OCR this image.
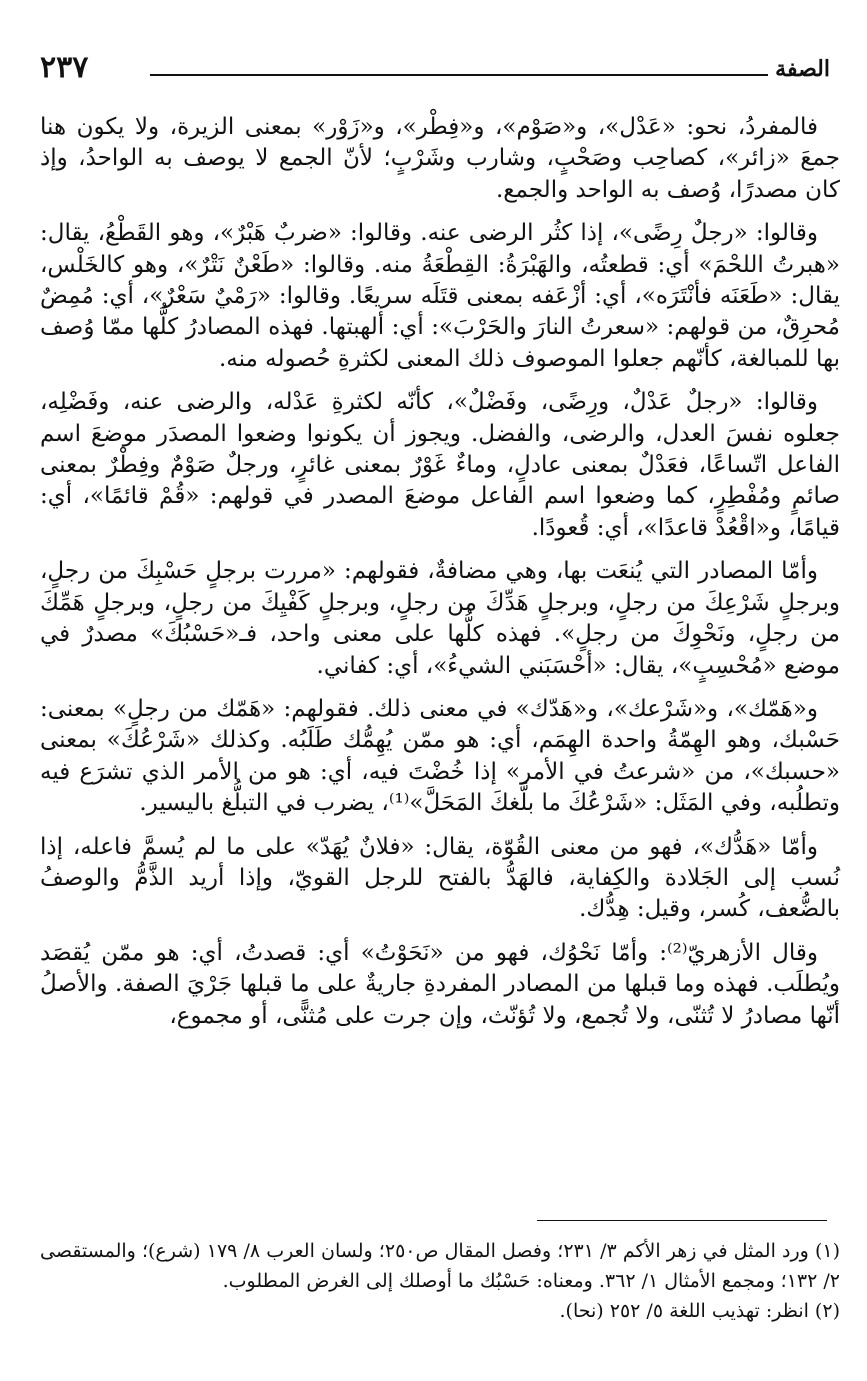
الصفة
٢٣٧

فالمفردُ، نحو: «عَدْل»، و«صَوْم»، و«فِطْر»، و«زَوْر» بمعنى الزيرة، ولا يكون هنا جمعَ «زائر»، كصاحِب وصَحْبٍ، وشارب وشَرْبٍ؛ لأنّ الجمع لا يوصف به الواحدُ، وإذ كان مصدرًا، وُصف به الواحد والجمع.

وقالوا: «رجلٌ رِضًى»، إذا كثُر الرضى عنه. وقالوا: «ضربٌ هَبْرٌ»، وهو القَطْعُ، يقال: «هبرتُ اللحْمَ» أي: قطعتُه، والهَبْرَةُ: القِطْعَةُ منه. وقالوا: «طَعْنٌ نَتْرٌ»، وهو كالخَلْس، يقال: «طَعَنَه فأنْتَرَه»، أي: أزْعَفه بمعنى قتَلَه سريعًا. وقالوا: «رَمْيٌ سَعْرٌ»، أي: مُمِضٌ مُحرِقٌ، من قولهم: «سعرتُ النارَ والحَرْبَ»: أي: ألهبتها. فهذه المصادرُ كلُّها ممّا وُصف بها للمبالغة، كأنّهم جعلوا الموصوف ذلك المعنى لكثرةِ حُصوله منه.

وقالوا: «رجلٌ عَدْلٌ، ورِضًى، وفَضْلٌ»، كأنّه لكثرةِ عَدْله، والرضى عنه، وفَضْلِه، جعلوه نفسَ العدل، والرضى، والفضل. ويجوز أن يكونوا وضعوا المصدَر موضعَ اسم الفاعل اتّساعًا، فعَدْلٌ بمعنى عادلٍ، وماءٌ غَوْرٌ بمعنى غائرٍ، ورجلٌ صَوْمٌ وفِطْرٌ بمعنى صائمٍ ومُفْطِرٍ، كما وضعوا اسم الفاعل موضعَ المصدر في قولهم: «قُمْ قائمًا»، أي: قيامًا، و«اقْعُدْ قاعدًا»، أي: قُعودًا.

وأمّا المصادر التي يُنعَت بها، وهي مضافةٌ، فقولهم: «مررت برجلٍ حَسْبِكَ من رجلٍ، وبرجلٍ شَرْعِكَ من رجلٍ، وبرجلٍ هَدِّكَ من رجلٍ، وبرجلٍ كَفْيِكَ من رجلٍ، وبرجلٍ هَمِّكَ من رجلٍ، ونَحْوِكَ من رجلٍ». فهذه كلُّها على معنى واحد، فـ«حَسْبُكَ» مصدرٌ في موضع «مُحْسِبٍ»، يقال: «أحْسَبَني الشيءُ»، أي: كفاني.

و«هَمّك»، و«شَرْعك»، و«هَدّك» في معنى ذلك. فقولهم: «هَمّك من رجلٍ» بمعنى: حَسْبك، وهو الهِمّةُ واحدة الهِمَم، أي: هو ممّن يُهِمُّك طَلَبُه. وكذلك «شَرْعُكَ» بمعنى «حسبك»، من «شرعتُ في الأمر» إذا خُضْتَ فيه، أي: هو من الأمر الذي تشرَع فيه وتطلُبه، وفي المَثَل: «شَرْعُكَ ما بلَّغكَ المَحَلَّ»⁽¹⁾، يضرب في التبلُّغ باليسير.

وأمّا «هَدُّك»، فهو من معنى القُوّة، يقال: «فلانٌ يُهَدّ» على ما لم يُسمَّ فاعله، إذا نُسب إلى الجَلادة والكِفاية، فالهَدُّ بالفتح للرجل القويّ، وإذا أريد الذَّمُّ والوصفُ بالضُّعف، كُسر، وقيل: هِدُّك.

وقال الأزهريّ⁽²⁾: وأمّا نَحْوُك، فهو من «نَحَوْتُ» أي: قصدتُ، أي: هو ممّن يُقصَد ويُطلَب. فهذه وما قبلها من المصادر المفردةِ جاريةٌ على ما قبلها جَرْيَ الصفة. والأصلُ أنّها مصادرُ لا تُثنّى، ولا تُجمع، ولا تُؤنّث، وإن جرت على مُثنًّى، أو مجموع،

(١) ورد المثل في زهر الأكم ٣/ ٢٣١؛ وفصل المقال ص٢٥٠؛ ولسان العرب ٨/ ١٧٩ (شرع)؛ والمستقصى ٢/ ١٣٢؛ ومجمع الأمثال ١/ ٣٦٢. ومعناه: حَسْبُك ما أوصلك إلى الغرض المطلوب.

(٢) انظر: تهذيب اللغة ٥/ ٢٥٢ (نحا).
